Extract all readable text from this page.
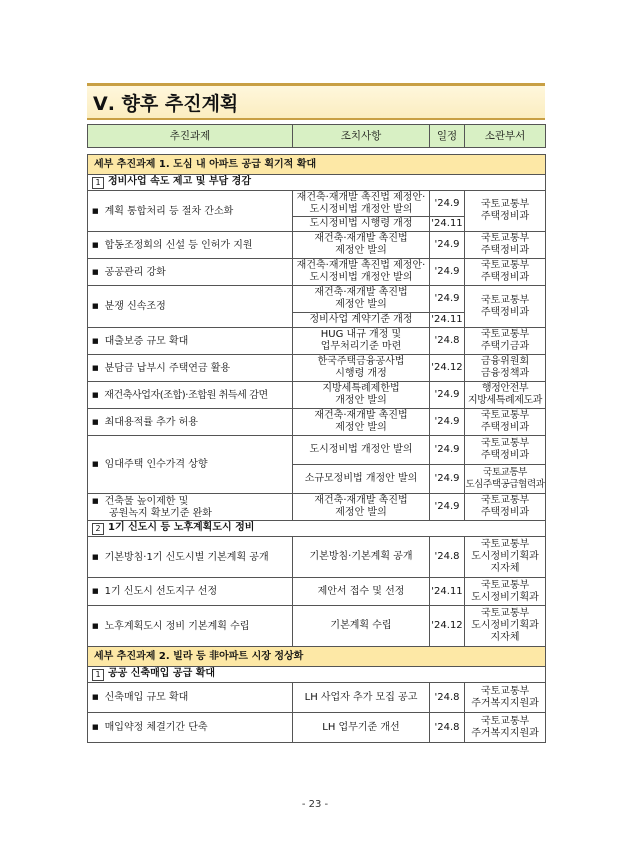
Ⅴ. 향후 추진계획
추진과제	조치사항	일정	소관부서

세부 추진과제 1. 도심 내 아파트 공급 획기적 확대			
1 정비사업 속도 제고 및 부담 경감			
■ 계획 통합처리 등 절차 간소화	재건축·재개발 촉진법 제정안·
도시정비법 개정안 발의	'24.9	국토교통부
주택정비과
	도시정비법 시행령 개정	'24.11	
■ 합동조정회의 신설 등 인허가 지원	재건축·재개발 촉진법
제정안 발의	'24.9	국토교통부
주택정비과
■ 공공관리 강화	재건축·재개발 촉진법 제정안·
도시정비법 개정안 발의	'24.9	국토교통부
주택정비과
■ 분쟁 신속조정	재건축·재개발 촉진법
제정안 발의	'24.9	국토교통부
주택정비과
	정비사업 계약기준 개정	'24.11	
■ 대출보증 규모 확대	HUG 내규 개정 및
업무처리기준 마련	'24.8	국토교통부
주택기금과
■ 분담금 납부시 주택연금 활용	한국주택금융공사법
시행령 개정	'24.12	금융위원회
금융정책과
■ 재건축사업자(조합)·조합원 취득세 감면	지방세특례제한법
개정안 발의	'24.9	행정안전부
지방세특례제도과
■ 최대용적률 추가 허용	재건축·재개발 촉진법
제정안 발의	'24.9	국토교통부
주택정비과
■ 임대주택 인수가격 상향	도시정비법 개정안 발의	'24.9	국토교통부
주택정비과
	소규모정비법 개정안 발의	'24.9	국토교통부
도심주택공급협력과
■ 건축물 높이제한 및
공원녹지 확보기준 완화	재건축·재개발 촉진법
제정안 발의	'24.9	국토교통부
주택정비과
2 1기 신도시 등 노후계획도시 정비			
■ 기본방침·1기 신도시별 기본계획 공개	기본방침·기본계획 공개	'24.8	국토교통부
도시정비기획과
지자체
■ 1기 신도시 선도지구 선정	제안서 접수 및 선정	'24.11	국토교통부
도시정비기획과
■ 노후계획도시 정비 기본계획 수립	기본계획 수립	'24.12	국토교통부
도시정비기획과
지자체
세부 추진과제 2. 빌라 등 非아파트 시장 정상화			
1 공공 신축매입 공급 확대			
■ 신축매입 규모 확대	LH 사업자 추가 모집 공고	'24.8	국토교통부
주거복지지원과
■ 매입약정 체결기간 단축	LH 업무기준 개선	'24.8	국토교통부
주거복지지원과
- 23 -
